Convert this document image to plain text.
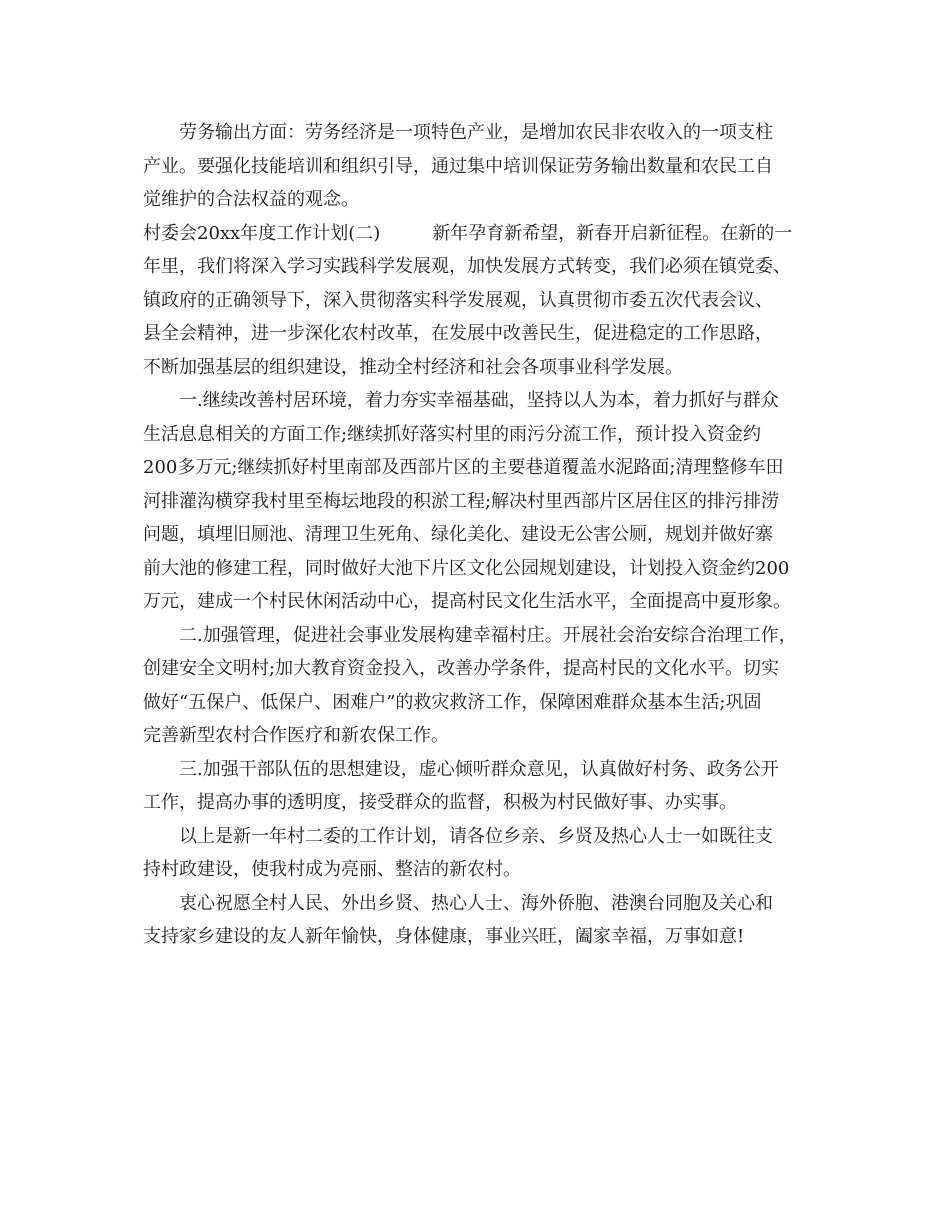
劳务输出方面：劳务经济是一项特色产业，是增加农民非农收入的一项支柱
产业。要强化技能培训和组织引导，通过集中培训保证劳务输出数量和农民工自
觉维护的合法权益的观念。
村委会20xx年度工作计划(二)	新年孕育新希望，新春开启新征程。在新的一
年里，我们将深入学习实践科学发展观，加快发展方式转变，我们必须在镇党委、
镇政府的正确领导下，深入贯彻落实科学发展观，认真贯彻市委五次代表会议、
县全会精神，进一步深化农村改革，在发展中改善民生，促进稳定的工作思路，
不断加强基层的组织建设，推动全村经济和社会各项事业科学发展。
一.继续改善村居环境，着力夯实幸福基础，坚持以人为本，着力抓好与群众
生活息息相关的方面工作;继续抓好落实村里的雨污分流工作，预计投入资金约
200多万元;继续抓好村里南部及西部片区的主要巷道覆盖水泥路面;清理整修车田
河排灌沟横穿我村里至梅坛地段的积淤工程;解决村里西部片区居住区的排污排涝
问题，填埋旧厕池、清理卫生死角、绿化美化、建设无公害公厕，规划并做好寨
前大池的修建工程，同时做好大池下片区文化公园规划建设，计划投入资金约200
万元，建成一个村民休闲活动中心，提高村民文化生活水平，全面提高中夏形象。
二.加强管理，促进社会事业发展构建幸福村庄。开展社会治安综合治理工作，
创建安全文明村;加大教育资金投入，改善办学条件，提高村民的文化水平。切实
做好“五保户、低保户、困难户”的救灾救济工作，保障困难群众基本生活;巩固
完善新型农村合作医疗和新农保工作。
三.加强干部队伍的思想建设，虚心倾听群众意见，认真做好村务、政务公开
工作，提高办事的透明度，接受群众的监督，积极为村民做好事、办实事。
以上是新一年村二委的工作计划，请各位乡亲、乡贤及热心人士一如既往支
持村政建设，使我村成为亮丽、整洁的新农村。
衷心祝愿全村人民、外出乡贤、热心人士、海外侨胞、港澳台同胞及关心和
支持家乡建设的友人新年愉快，身体健康，事业兴旺，阖家幸福，万事如意!
